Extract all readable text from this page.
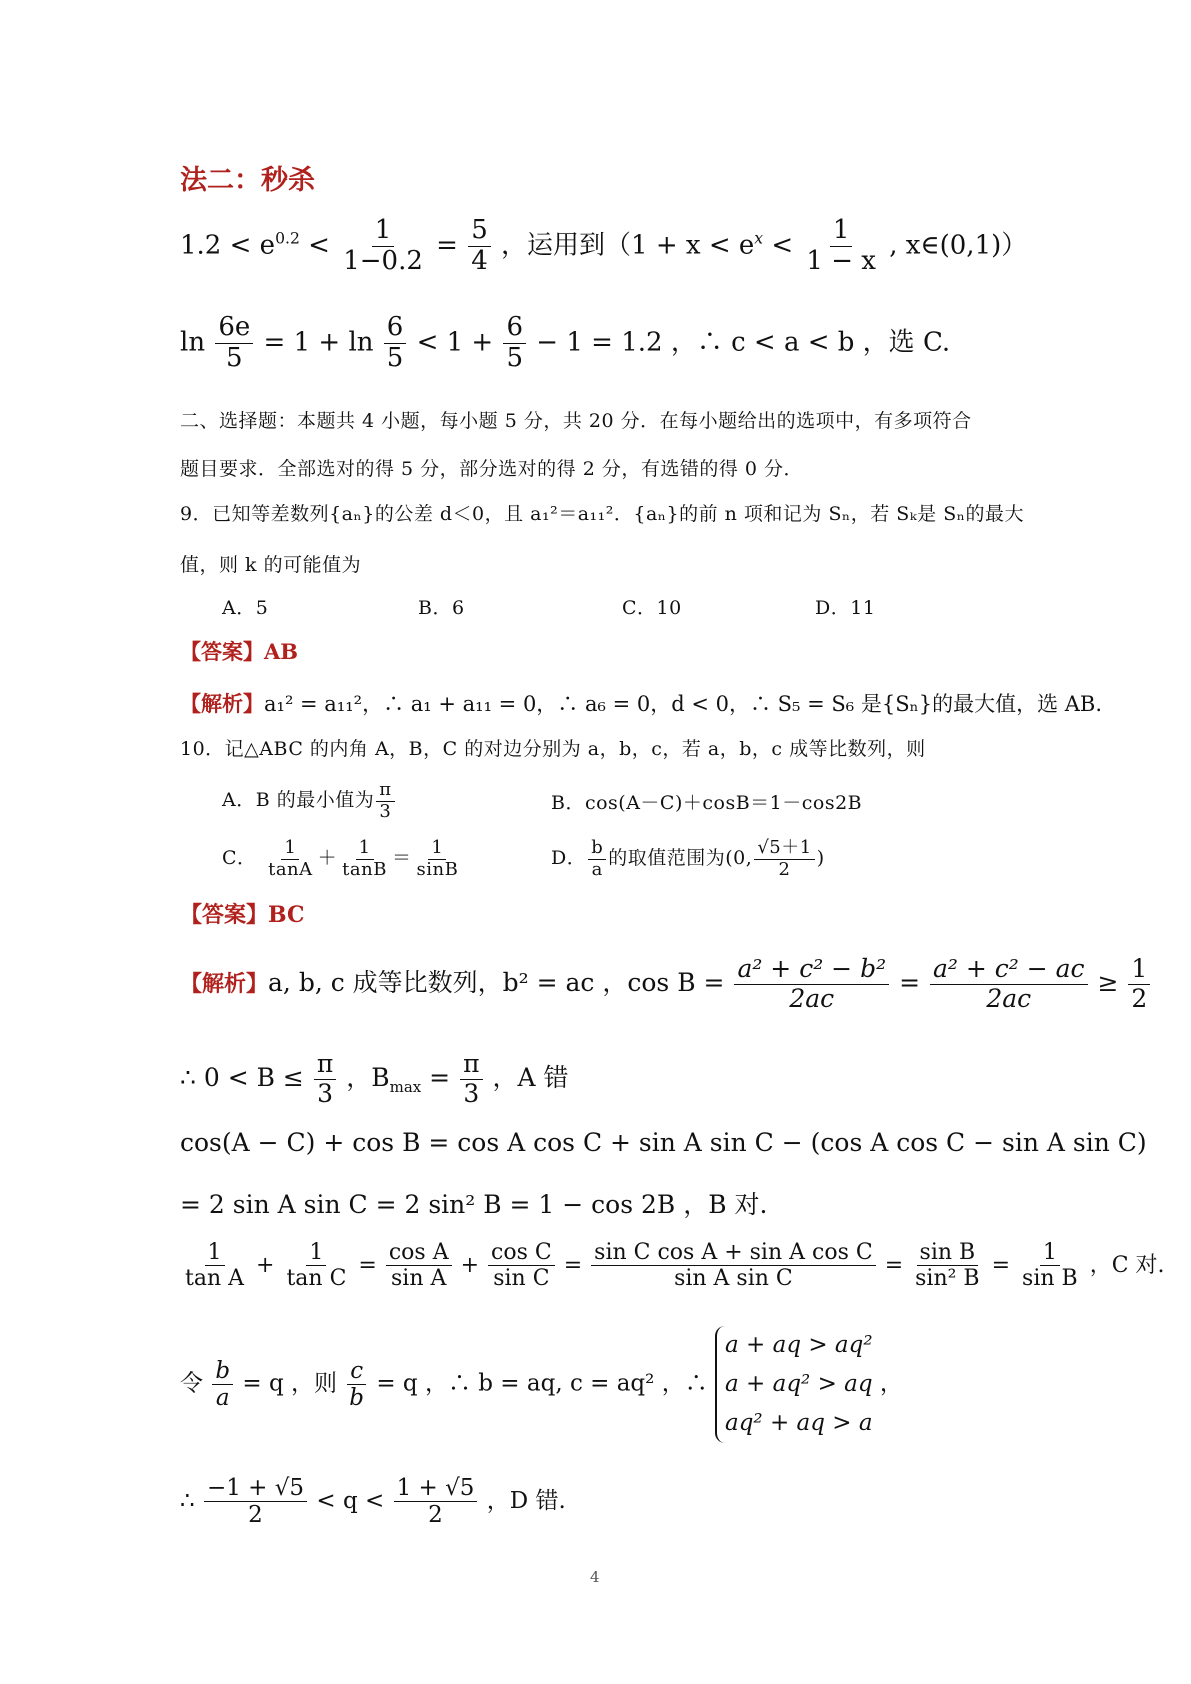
法二：秒杀
$1.2 < e^{0.2} < \frac{1}{1-0.2} = \frac{5}{4}$ ，运用到（$1 + x < e^x < \frac{1}{1 - x}$ , x∈(0,1)）
$\ln \frac{6e}{5} = 1 + \ln \frac{6}{5} < 1 + \frac{6}{5} - 1 = 1.2$ ，∴ c < a < b ，选 C.
二、选择题：本题共 4 小题，每小题 5 分，共 20 分．在每小题给出的选项中，有多项符合
题目要求．全部选对的得 5 分，部分选对的得 2 分，有选错的得 0 分．
9．已知等差数列{aₙ}的公差 d＜0，且 a₁²＝a₁₁²．{aₙ}的前 n 项和记为 Sₙ，若 Sₖ是 Sₙ的最大
值，则 k 的可能值为
A．5	B．6	C．10	D．11
【答案】AB
【解析】a₁² = a₁₁²，∴ a₁ + a₁₁ = 0，∴ a₆ = 0，d < 0，∴ S₅ = S₆ 是{Sₙ}的最大值，选 AB.
10．记△ABC 的内角 A，B，C 的对边分别为 a，b，c，若 a，b，c 成等比数列，则
A．B 的最小值为 $\frac{\pi}{3}$	B．cos(A－C)＋cosB＝1－cos2B
C． $\frac{1}{\tan A} + \frac{1}{\tan B} = \frac{1}{\sin B}$	D． $\frac{b}{a}$ 的取值范围为(0, $\frac{√5+1}{2}$ )
【答案】BC
【解析】a, b, c 成等比数列，b² = ac ，$\cos B = \frac{\text{a² + c² − b²}}{2ac} = \frac{\text{a² + c² − ac}}{2ac} \ge \frac{1}{2}$
∴ $0 < B \le \frac{\pi}{3}$ ，$B_{max} = \frac{\pi}{3}$ ，A 错
cos(A − C) + cos B = cos A cos C + sin A sin C − (cos A cos C − sin A sin C)
= 2 sin A sin C = 2 sin² B = 1 − cos 2B ，B 对.
$\frac{1}{\text{tan A}} + \frac{1}{\text{tan C}} = \frac{\text{cos A}}{\text{sin A}} + \frac{\text{cos C}}{\text{sin C}} = \frac{\text{sin C cos A + sin A cos C}}{\text{sin A sin C}} = \frac{\text{sin B}}{\text{sin² B}} = \frac{1}{\text{sin B}}$ ，C 对.
令 $\frac{b}{a} = q$ ，则 $\frac{c}{b} = q$ ，∴ b = aq, c = aq² ，∴ a + aq > aq²
a + aq² > aq
aq² + aq > a ，
∴ $\frac{-1 + √5}{2} < q < \frac{1 + √5}{2}$ ，D 错.
4
